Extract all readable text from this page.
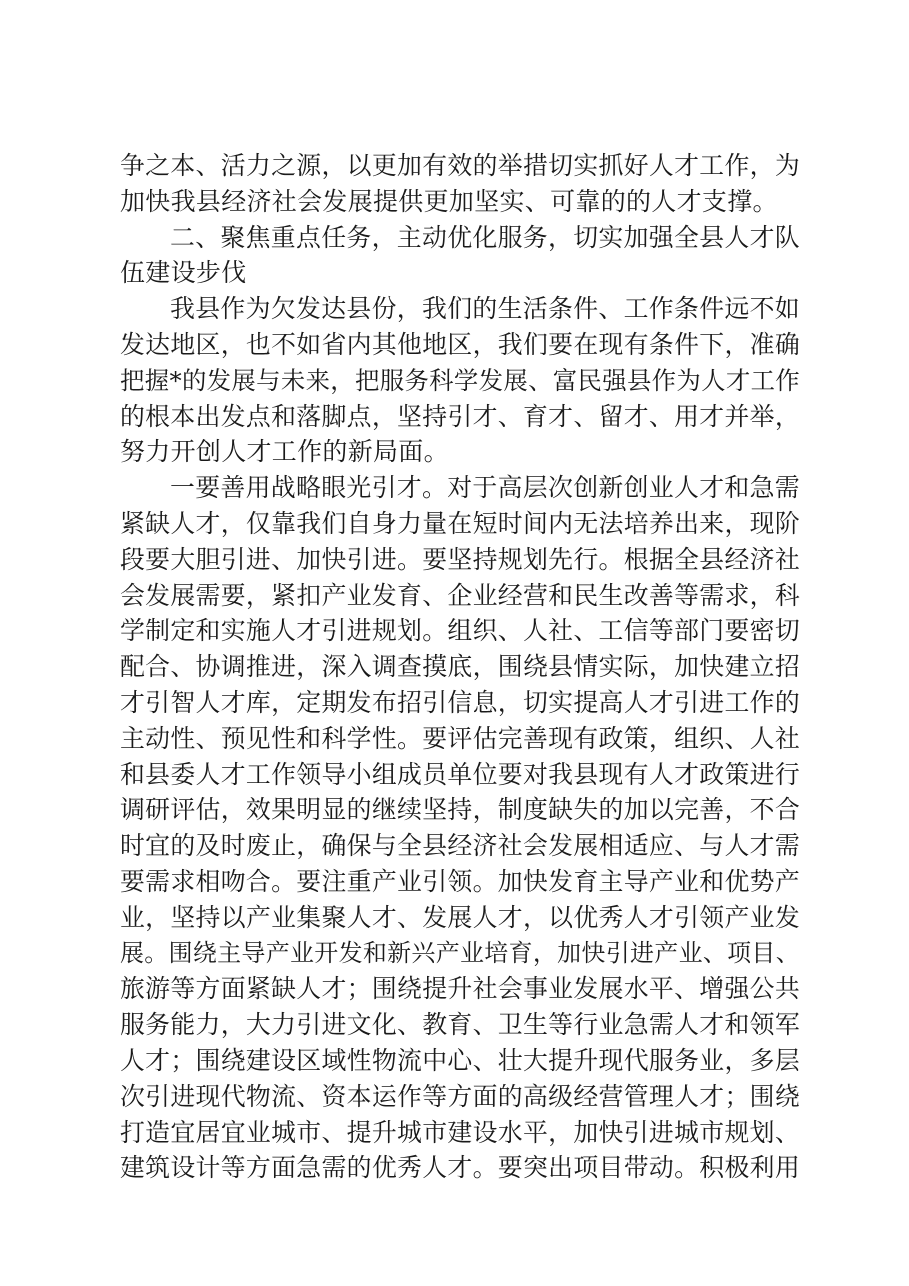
争之本、活力之源，以更加有效的举措切实抓好人才工作，为
加快我县经济社会发展提供更加坚实、可靠的的人才支撑。
二、聚焦重点任务，主动优化服务，切实加强全县人才队
伍建设步伐
我县作为欠发达县份，我们的生活条件、工作条件远不如
发达地区，也不如省内其他地区，我们要在现有条件下，准确
把握*的发展与未来，把服务科学发展、富民强县作为人才工作
的根本出发点和落脚点，坚持引才、育才、留才、用才并举，
努力开创人才工作的新局面。
一要善用战略眼光引才。对于高层次创新创业人才和急需
紧缺人才，仅靠我们自身力量在短时间内无法培养出来，现阶
段要大胆引进、加快引进。要坚持规划先行。根据全县经济社
会发展需要，紧扣产业发育、企业经营和民生改善等需求，科
学制定和实施人才引进规划。组织、人社、工信等部门要密切
配合、协调推进，深入调查摸底，围绕县情实际，加快建立招
才引智人才库，定期发布招引信息，切实提高人才引进工作的
主动性、预见性和科学性。要评估完善现有政策，组织、人社
和县委人才工作领导小组成员单位要对我县现有人才政策进行
调研评估，效果明显的继续坚持，制度缺失的加以完善，不合
时宜的及时废止，确保与全县经济社会发展相适应、与人才需
要需求相吻合。要注重产业引领。加快发育主导产业和优势产
业，坚持以产业集聚人才、发展人才，以优秀人才引领产业发
展。围绕主导产业开发和新兴产业培育，加快引进产业、项目、
旅游等方面紧缺人才；围绕提升社会事业发展水平、增强公共
服务能力，大力引进文化、教育、卫生等行业急需人才和领军
人才；围绕建设区域性物流中心、壮大提升现代服务业，多层
次引进现代物流、资本运作等方面的高级经营管理人才；围绕
打造宜居宜业城市、提升城市建设水平，加快引进城市规划、
建筑设计等方面急需的优秀人才。要突出项目带动。积极利用
